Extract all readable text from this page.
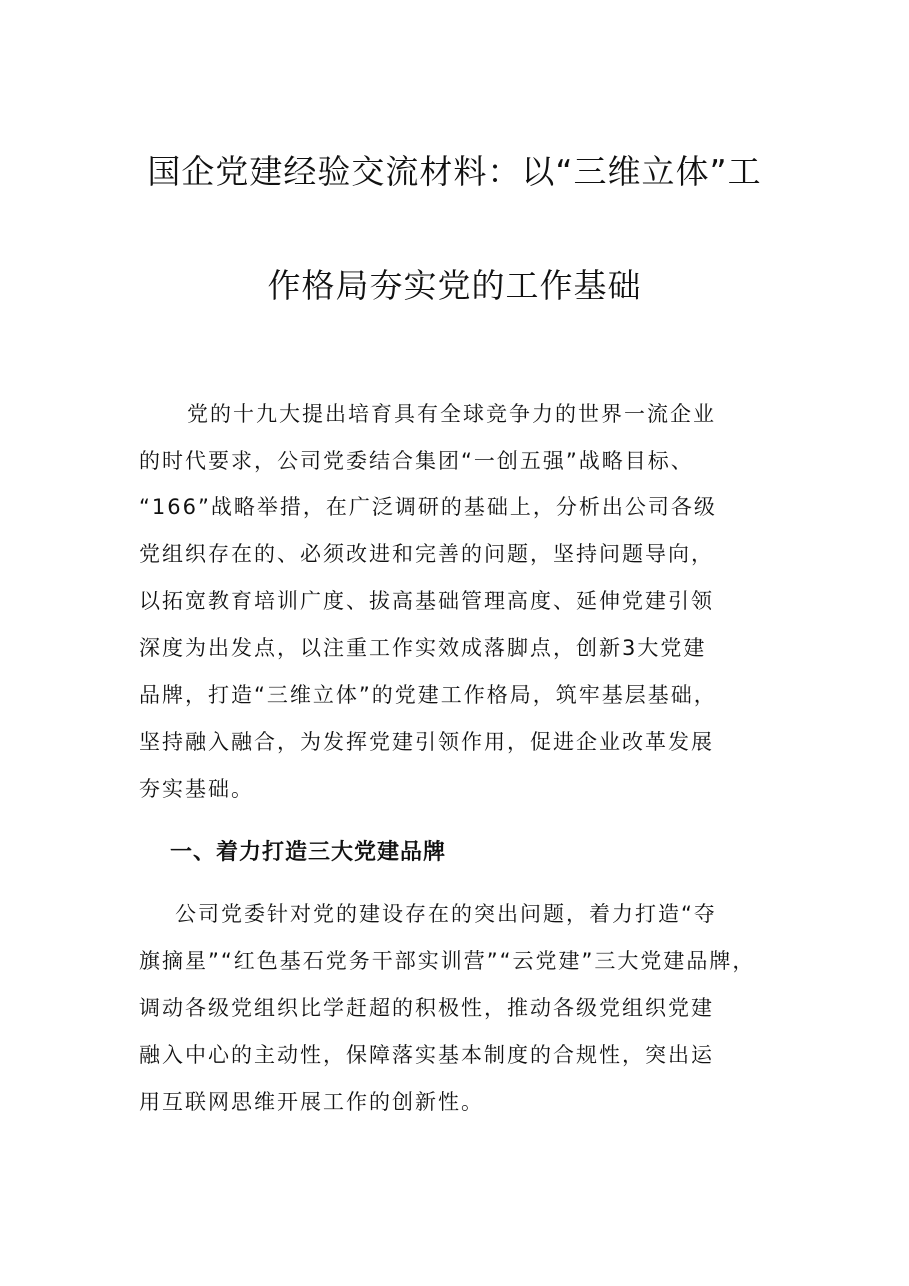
国企党建经验交流材料：以“三维立体”工
作格局夯实党的工作基础
党的十九大提出培育具有全球竞争力的世界一流企业
的时代要求，公司党委结合集团“一创五强”战略目标、
“166”战略举措，在广泛调研的基础上，分析出公司各级
党组织存在的、必须改进和完善的问题，坚持问题导向，
以拓宽教育培训广度、拔高基础管理高度、延伸党建引领
深度为出发点，以注重工作实效成落脚点，创新3大党建
品牌，打造“三维立体”的党建工作格局，筑牢基层基础，
坚持融入融合，为发挥党建引领作用，促进企业改革发展
夯实基础。
一、着力打造三大党建品牌
公司党委针对党的建设存在的突出问题，着力打造“夺
旗摘星”“红色基石党务干部实训营”“云党建”三大党建品牌，
调动各级党组织比学赶超的积极性，推动各级党组织党建
融入中心的主动性，保障落实基本制度的合规性，突出运
用互联网思维开展工作的创新性。
